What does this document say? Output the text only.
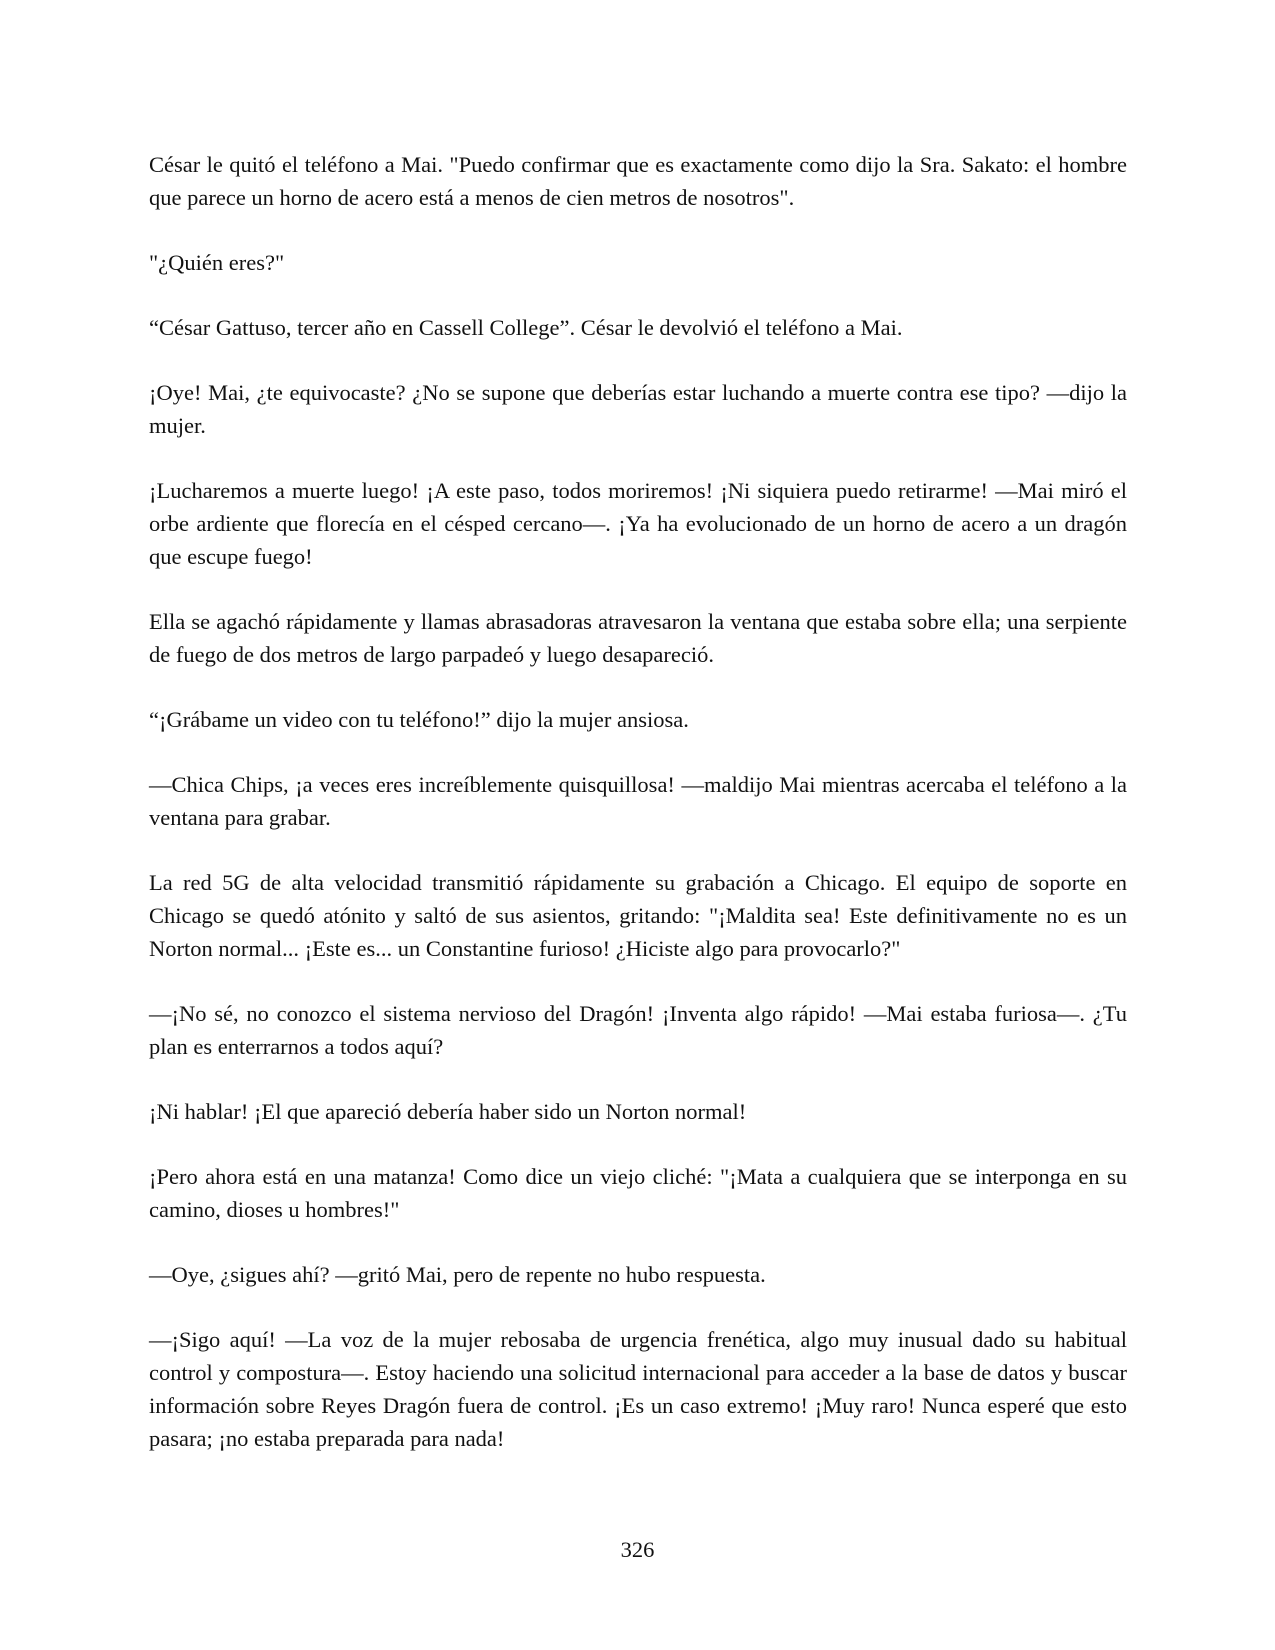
César le quitó el teléfono a Mai. "Puedo confirmar que es exactamente como dijo la Sra. Sakato: el hombre que parece un horno de acero está a menos de cien metros de nosotros".

"¿Quién eres?"

“César Gattuso, tercer año en Cassell College”. César le devolvió el teléfono a Mai.

¡Oye! Mai, ¿te equivocaste? ¿No se supone que deberías estar luchando a muerte contra ese tipo? —dijo la mujer.

¡Lucharemos a muerte luego! ¡A este paso, todos moriremos! ¡Ni siquiera puedo retirarme! —Mai miró el orbe ardiente que florecía en el césped cercano—. ¡Ya ha evolucionado de un horno de acero a un dragón que escupe fuego!

Ella se agachó rápidamente y llamas abrasadoras atravesaron la ventana que estaba sobre ella; una serpiente de fuego de dos metros de largo parpadeó y luego desapareció.

“¡Grábame un video con tu teléfono!” dijo la mujer ansiosa.

—Chica Chips, ¡a veces eres increíblemente quisquillosa! —maldijo Mai mientras acercaba el teléfono a la ventana para grabar.

La red 5G de alta velocidad transmitió rápidamente su grabación a Chicago. El equipo de soporte en Chicago se quedó atónito y saltó de sus asientos, gritando: "¡Maldita sea! Este definitivamente no es un Norton normal... ¡Este es... un Constantine furioso! ¿Hiciste algo para provocarlo?"

—¡No sé, no conozco el sistema nervioso del Dragón! ¡Inventa algo rápido! —Mai estaba furiosa—. ¿Tu plan es enterrarnos a todos aquí?

¡Ni hablar! ¡El que apareció debería haber sido un Norton normal!

¡Pero ahora está en una matanza! Como dice un viejo cliché: "¡Mata a cualquiera que se interponga en su camino, dioses u hombres!"

—Oye, ¿sigues ahí? —gritó Mai, pero de repente no hubo respuesta.

—¡Sigo aquí! —La voz de la mujer rebosaba de urgencia frenética, algo muy inusual dado su habitual control y compostura—. Estoy haciendo una solicitud internacional para acceder a la base de datos y buscar información sobre Reyes Dragón fuera de control. ¡Es un caso extremo! ¡Muy raro! Nunca esperé que esto pasara; ¡no estaba preparada para nada!

326
